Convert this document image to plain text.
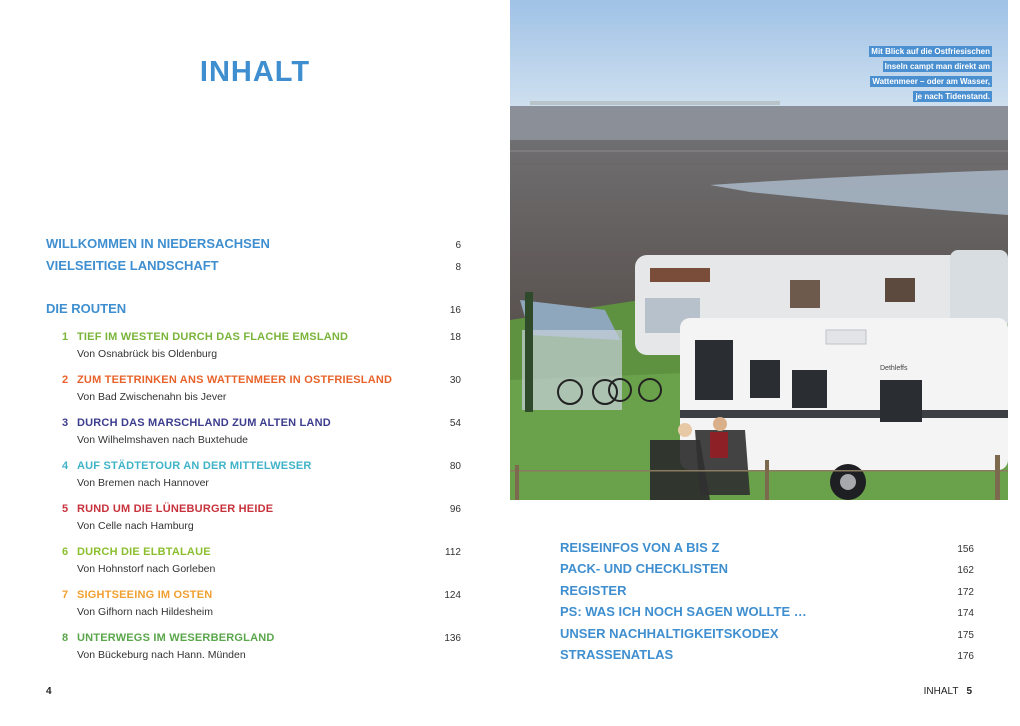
INHALT
WILLKOMMEN IN NIEDERSACHSEN	6
VIELSEITIGE LANDSCHAFT	8
DIE ROUTEN	16
1 TIEF IM WESTEN DURCH DAS FLACHE EMSLAND	18
Von Osnabrück bis Oldenburg
2 ZUM TEETRINKEN ANS WATTENMEER IN OSTFRIESLAND	30
Von Bad Zwischenahn bis Jever
3 DURCH DAS MARSCHLAND ZUM ALTEN LAND	54
Von Wilhelmshaven nach Buxtehude
4 AUF STÄDTETOUR AN DER MITTELWESER	80
Von Bremen nach Hannover
5 RUND UM DIE LÜNEBURGER HEIDE	96
Von Celle nach Hamburg
6 DURCH DIE ELBTALAUE	112
Von Hohnstorf nach Gorleben
7 SIGHTSEEING IM OSTEN	124
Von Gifhorn nach Hildesheim
8 UNTERWEGS IM WESERBERGLAND	136
Von Bückeburg nach Hann. Münden
4
Dethleffs
Mit Blick auf die Ostfriesischen
Inseln campt man direkt am
Wattenmeer – oder am Wasser,
je nach Tidenstand.
REISEINFOS VON A BIS Z	156
PACK- UND CHECKLISTEN	162
REGISTER	172
PS: WAS ICH NOCH SAGEN WOLLTE …	174
UNSER NACHHALTIGKEITSKODEX	175
STRASSENATLAS	176
INHALT 5
